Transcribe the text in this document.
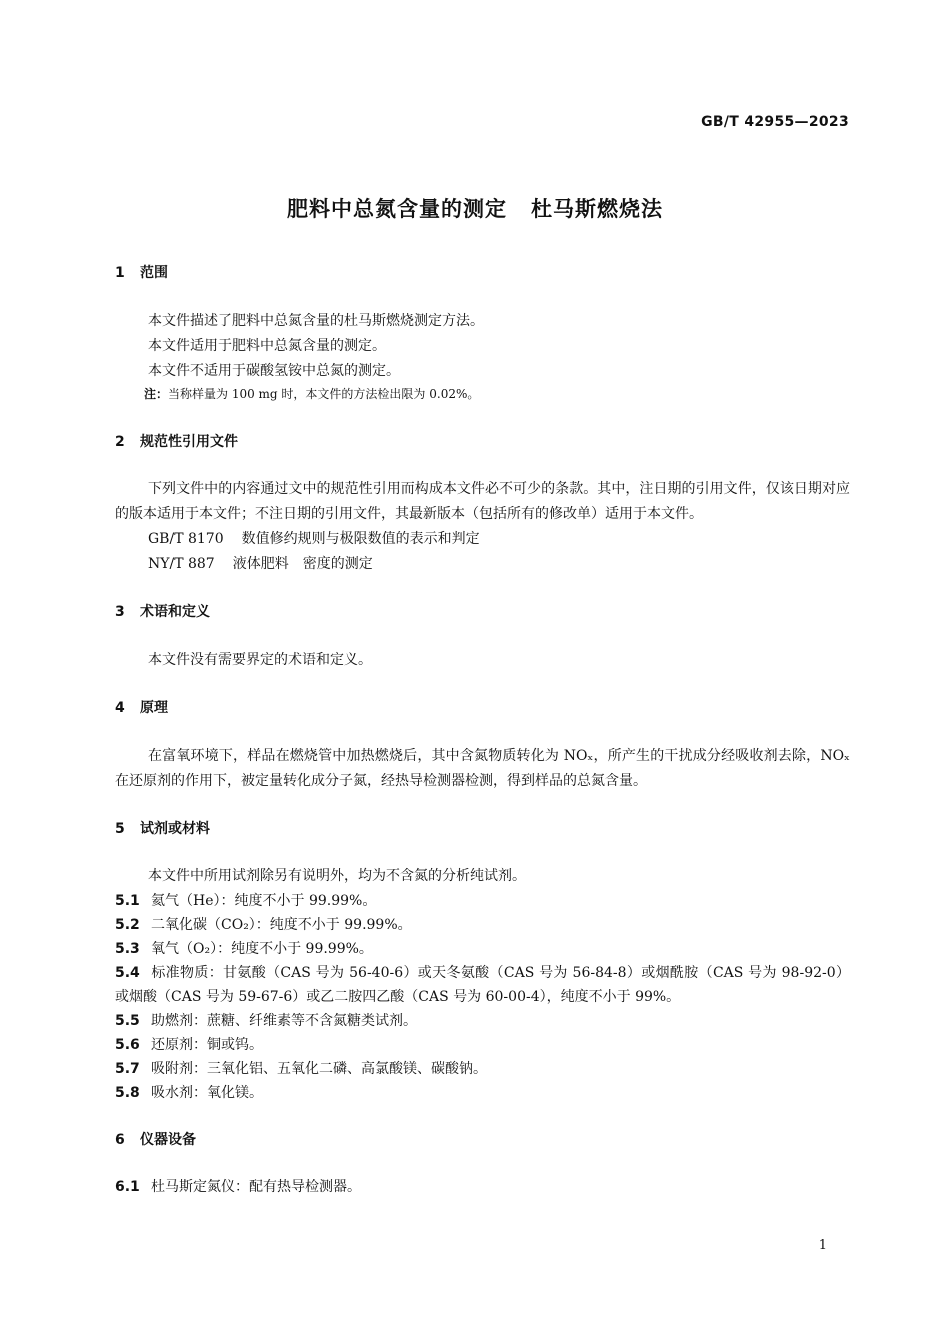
GB/T 42955—2023
肥料中总氮含量的测定 杜马斯燃烧法
1	范围

本文件描述了肥料中总氮含量的杜马斯燃烧测定方法。

本文件适用于肥料中总氮含量的测定。

本文件不适用于碳酸氢铵中总氮的测定。

注：当称样量为 100 mg 时，本文件的方法检出限为 0.02%。

2	规范性引用文件

下列文件中的内容通过文中的规范性引用而构成本文件必不可少的条款。其中，注日期的引用文件，仅该日期对应的版本适用于本文件；不注日期的引用文件，其最新版本（包括所有的修改单）适用于本文件。

GB/T 8170 数值修约规则与极限数值的表示和判定

NY/T 887 液体肥料　密度的测定

3	术语和定义

本文件没有需要界定的术语和定义。

4	原理

在富氧环境下，样品在燃烧管中加热燃烧后，其中含氮物质转化为 NOₓ，所产生的干扰成分经吸收剂去除，NOₓ 在还原剂的作用下，被定量转化成分子氮，经热导检测器检测，得到样品的总氮含量。

5	试剂或材料

本文件中所用试剂除另有说明外，均为不含氮的分析纯试剂。

5.1 氦气（He）：纯度不小于 99.99%。
5.2 二氧化碳（CO₂）：纯度不小于 99.99%。
5.3 氧气（O₂）：纯度不小于 99.99%。

5.4 标准物质：甘氨酸（CAS 号为 56-40-6）或天冬氨酸（CAS 号为 56-84-8）或烟酰胺（CAS 号为 98-92-0）或烟酸（CAS 号为 59-67-6）或乙二胺四乙酸（CAS 号为 60-00-4），纯度不小于 99%。

5.5 助燃剂：蔗糖、纤维素等不含氮糖类试剂。
5.6 还原剂：铜或钨。
5.7 吸附剂：三氧化铝、五氧化二磷、高氯酸镁、碳酸钠。
5.8 吸水剂：氧化镁。
6	仪器设备
6.1 杜马斯定氮仪：配有热导检测器。
1
